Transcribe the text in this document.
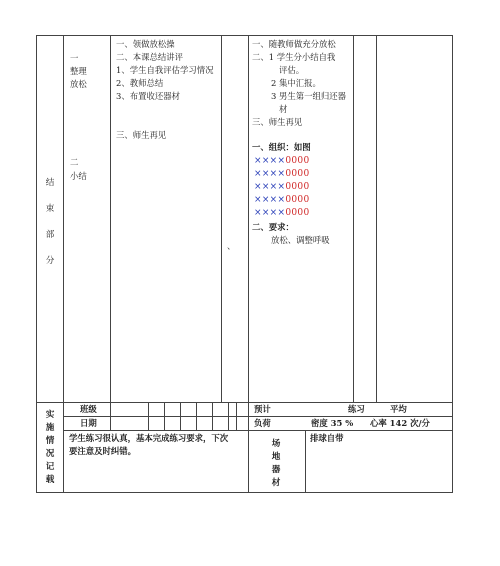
结
束
部
分
一
整理
放松
二
小结
一、领做放松操
二、本课总结讲评
1、学生自我评估学习情况
2、教师总结
3、布置收还器材
三、师生再见
、
一、随教师做充分放松
二、1 学生分小结自我
评估。
2 集中汇报。
3 男生第一组归还器
材
三、师生再见
一、组织：如图
××××0000
××××0000
××××0000
××××0000
××××0000
二、要求：
放松、调整呼吸
实
施
情
况
记
载
班级
日期
预计
负荷
练习	平均
密度 35 % 心率 142 次/分
学生练习很认真，基本完成练习要求，下次
要注意及时纠错。
场
地
器
材
排球自带
